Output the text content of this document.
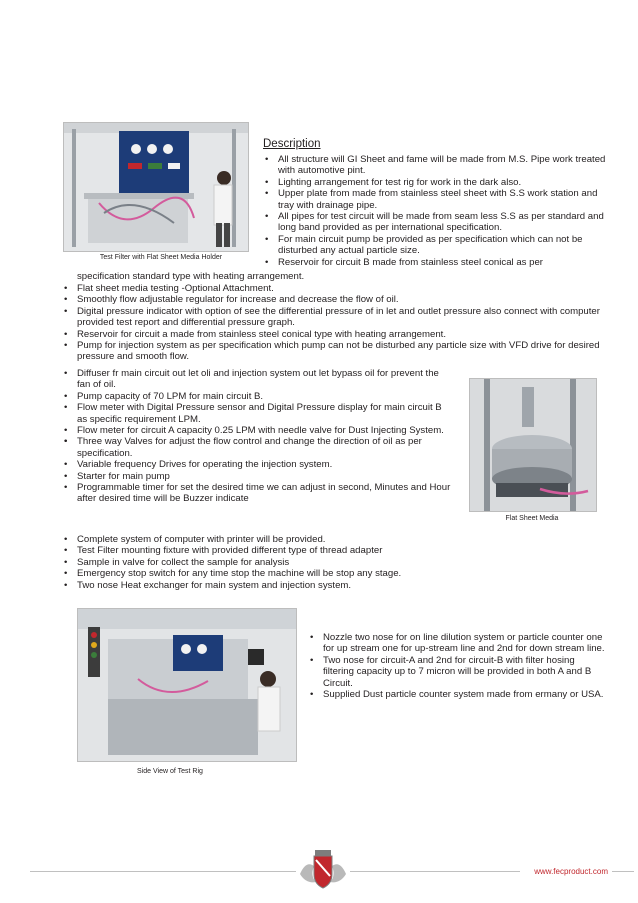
Test Filter with Flat Sheet Media Holder
Description
• All structure will GI Sheet and fame will be made from M.S. Pipe work treated with automotive pint.
• Lighting arrangement for test rig for work in the dark also.
• Upper plate from made from stainless steel sheet with S.S work station and tray with drainage pipe.
• All pipes for test circuit will be made from seam less S.S as per standard and long band provided as per international specification.
• For main circuit pump be provided as per specification which can not be disturbed any actual particle size.
• Reservoir for circuit B made from stainless steel conical as per
specification standard type with heating arrangement.
• Flat sheet media testing -Optional Attachment.
• Smoothly flow adjustable regulator for increase and decrease the flow of oil.
• Digital pressure indicator with option of see the differential pressure of in let and outlet pressure also connect with computer provided test report and differential pressure graph.
• Reservoir for circuit a made from stainless steel conical type with heating arrangement.
• Pump for injection system as per specification which pump can not be disturbed any particle size with VFD drive for desired pressure and smooth flow.
• Diffuser fr main circuit out let oli and injection system out let bypass oil for prevent the fan of oil.
• Pump capacity of 70 LPM for main circuit B.
• Flow meter with Digital Pressure sensor and Digital Pressure display for main circuit B as specific requirement LPM.
• Flow meter for circuit A capacity 0.25 LPM with needle valve for Dust Injecting System.
• Three way Valves for adjust the flow control and change the direction of oil as per specification.
• Variable frequency Drives for operating the injection system.
• Starter for main pump
• Programmable timer for set the desired time we can adjust in second, Minutes and Hour after desired time will be Buzzer indicate
• Complete system of computer with printer will be provided.
• Test Filter mounting fixture with provided different type of thread adapter
• Sample in valve for collect the sample for analysis
• Emergency stop switch for any time stop the machine will be stop any stage.
• Two nose Heat exchanger for main system and injection system.
Flat Sheet Media
Side View of Test Rig
• Nozzle two nose for on line dilution system or particle counter one for up stream one for up-stream line and 2nd for down stream line.
• Two nose for circuit-A and 2nd for circuit-B with filter hosing filtering capacity up to 7 micron will be provided in both A and B Circuit.
• Supplied Dust particle counter system made from ermany or USA.
www.fecproduct.com
